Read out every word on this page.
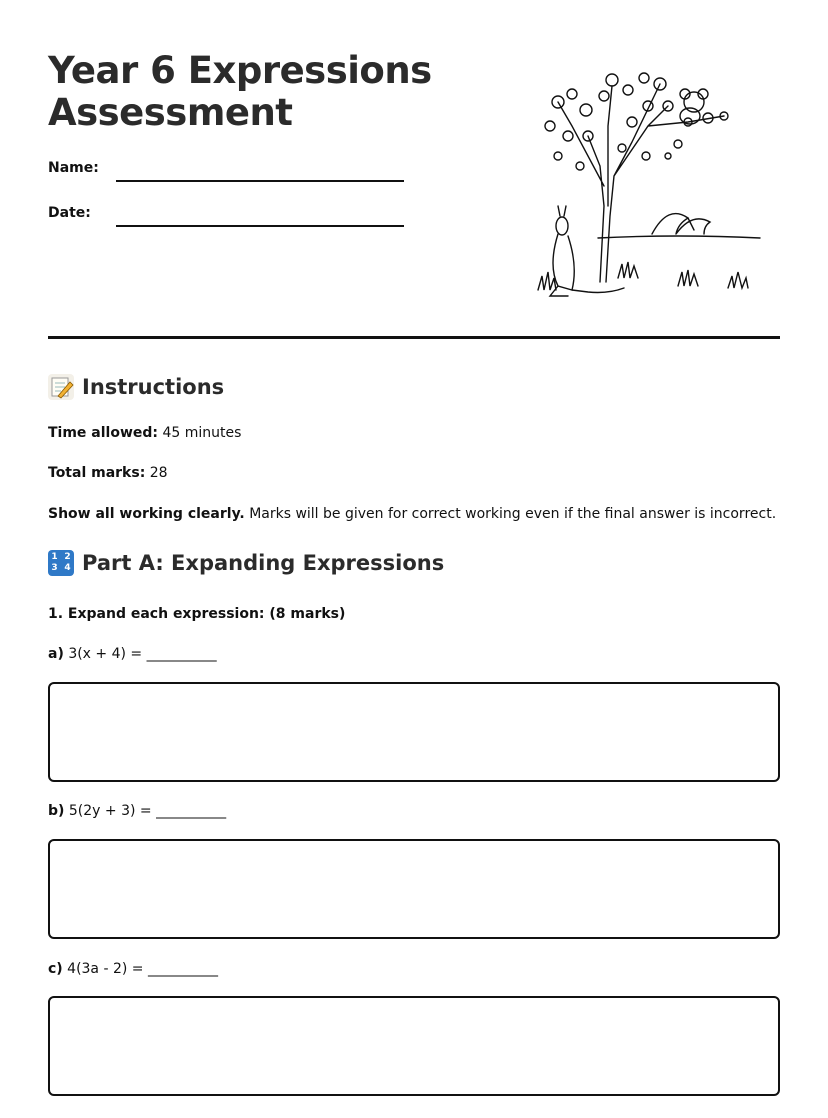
Year 6 Expressions
Assessment
Name:
Date:
Instructions

Time allowed: 45 minutes

Total marks: 28

Show all working clearly. Marks will be given for correct working even if the final answer is incorrect.

1 2
3 4 Part A: Expanding Expressions
1. Expand each expression: (8 marks)
a) 3(x + 4) = __________
b) 5(2y + 3) = __________
c) 4(3a - 2) = __________
